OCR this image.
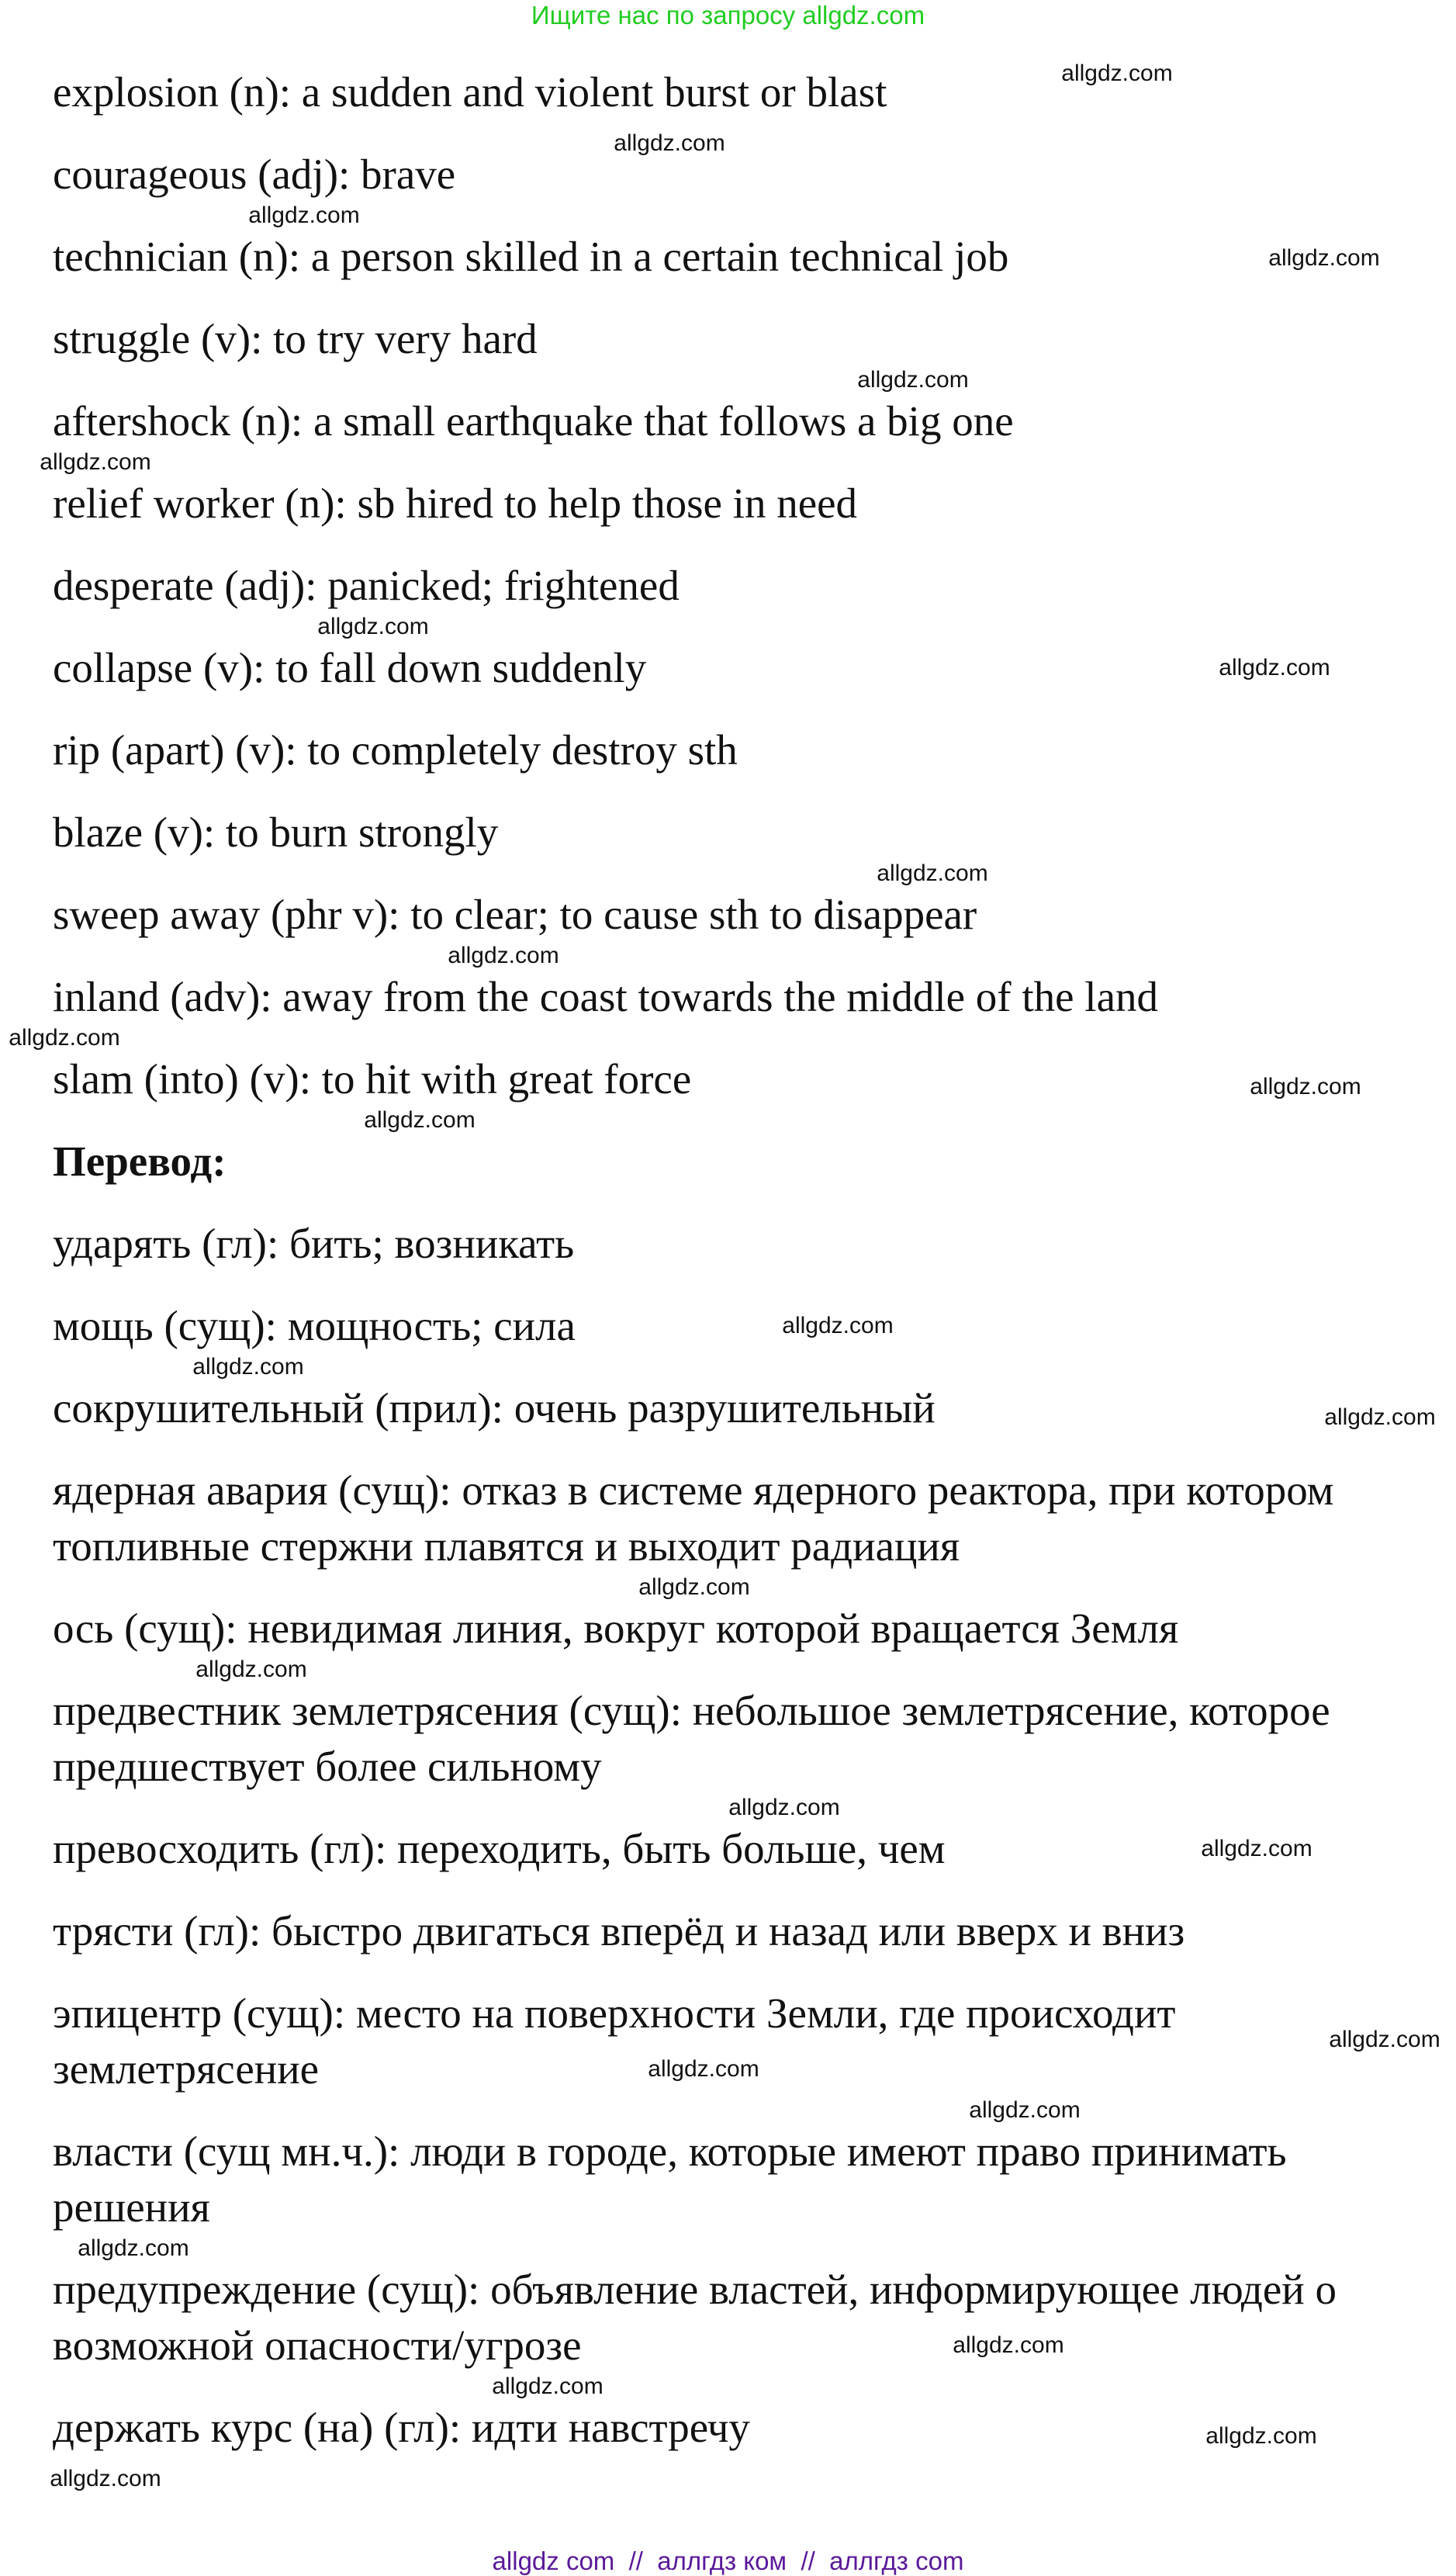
Ищите нас по запросу allgdz.com
explosion (n): a sudden and violent burst or blast
courageous (adj): brave
technician (n): a person skilled in a certain technical job
struggle (v): to try very hard
aftershock (n): a small earthquake that follows a big one
relief worker (n): sb hired to help those in need
desperate (adj): panicked; frightened
collapse (v): to fall down suddenly
rip (apart) (v): to completely destroy sth
blaze (v): to burn strongly
sweep away (phr v): to clear; to cause sth to disappear
inland (adv): away from the coast towards the middle of the land
slam (into) (v): to hit with great force
Перевод:
ударять (гл): бить; возникать
мощь (сущ): мощность; сила
сокрушительный (прил): очень разрушительный
ядерная авария (сущ): отказ в системе ядерного реактора, при котором топливные стержни плавятся и выходит радиация
ось (сущ): невидимая линия, вокруг которой вращается Земля
предвестник землетрясения (сущ): небольшое землетрясение, которое предшествует более сильному
превосходить (гл): переходить, быть больше, чем
трясти (гл): быстро двигаться вперёд и назад или вверх и вниз
эпицентр (сущ): место на поверхности Земли, где происходит землетрясение
власти (сущ мн.ч.): люди в городе, которые имеют право принимать решения
предупреждение (сущ): объявление властей, информирующее людей о возможной опасности/угрозе
держать курс (на) (гл): идти навстречу
allgdz.com
allgdz.com
allgdz.com
allgdz.com
allgdz.com
allgdz.com
allgdz.com
allgdz.com
allgdz.com
allgdz.com
allgdz.com
allgdz.com
allgdz.com
allgdz.com
allgdz.com
allgdz.com
allgdz.com
allgdz.com
allgdz.com
allgdz.com
allgdz.com
allgdz.com
allgdz.com
allgdz.com
allgdz.com
allgdz.com
allgdz.com
allgdz.com
allgdz com  //  аллгдз ком  //  аллгдз com
